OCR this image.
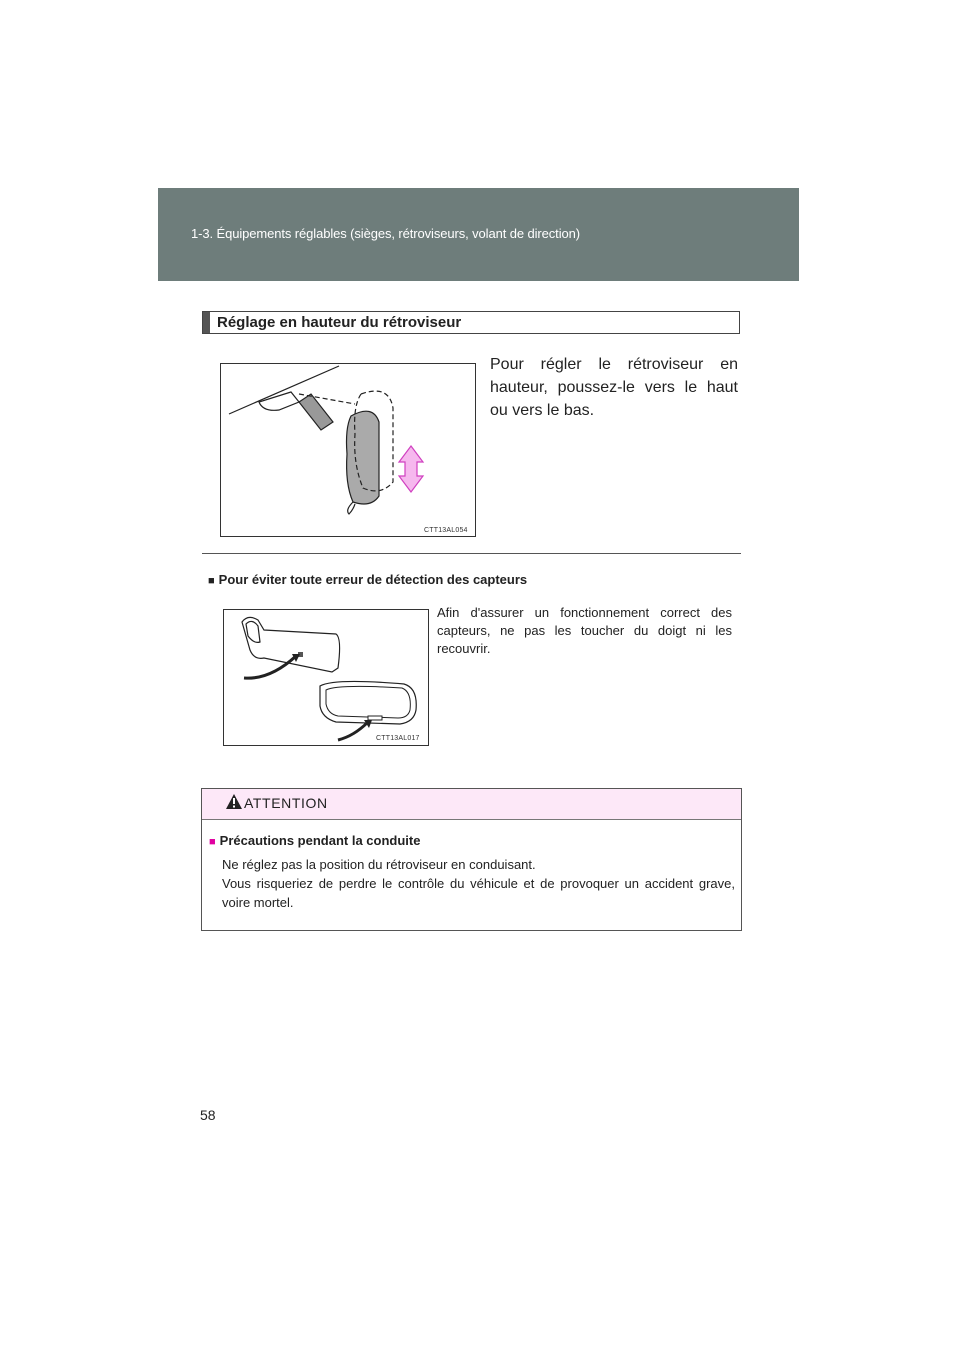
1-3. Équipements réglables (sièges, rétroviseurs, volant de direction)
Réglage en hauteur du rétroviseur
CTT13AL054
Pour régler le rétroviseur en hauteur, poussez-le vers le haut ou vers le bas.
■ Pour éviter toute erreur de détection des capteurs
CTT13AL017
Afin d'assurer un fonctionnement correct des capteurs, ne pas les toucher du doigt ni les recouvrir.
ATTENTION
■ Précautions pendant la conduite

Ne réglez pas la position du rétroviseur en conduisant.

Vous risqueriez de perdre le contrôle du véhicule et de provoquer un accident grave, voire mortel.

58
